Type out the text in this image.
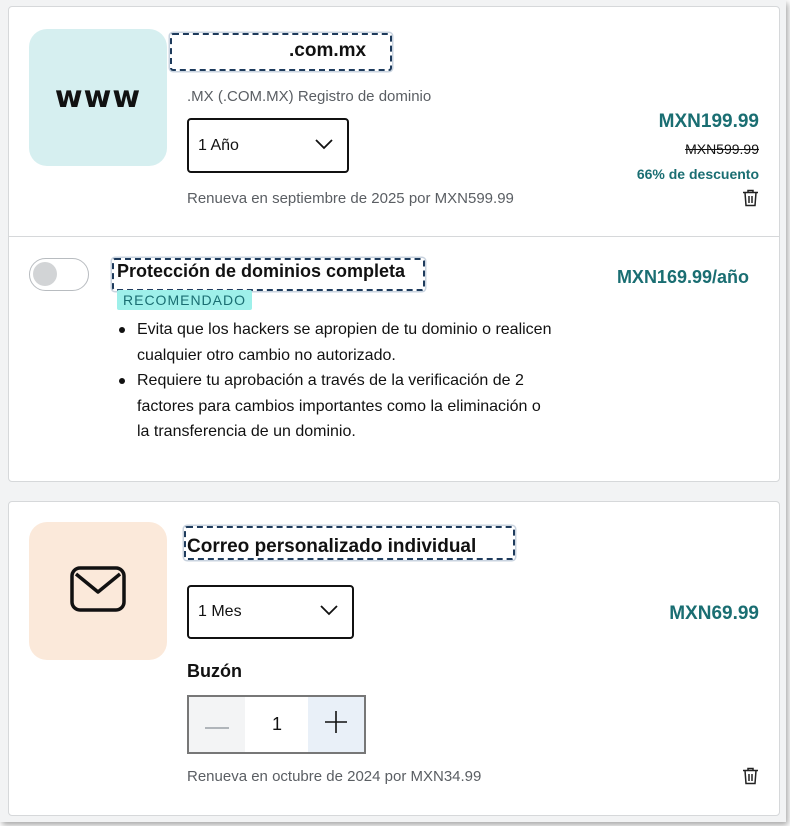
www
.com.mx
.MX (.COM.MX) Registro de dominio
1 Año
MXN199.99
MXN599.99
66% de descuento
Renueva en septiembre de 2025 por MXN599.99
Protección de dominios completa
RECOMENDADO
MXN169.99/año
Evita que los hackers se apropien de tu dominio o realicen cualquier otro cambio no autorizado.
Requiere tu aprobación a través de la verificación de 2 factores para cambios importantes como la eliminación o la transferencia de un dominio.
Correo personalizado individual
1 Mes	MXN69.99
Buzón
1
Renueva en octubre de 2024 por MXN34.99
